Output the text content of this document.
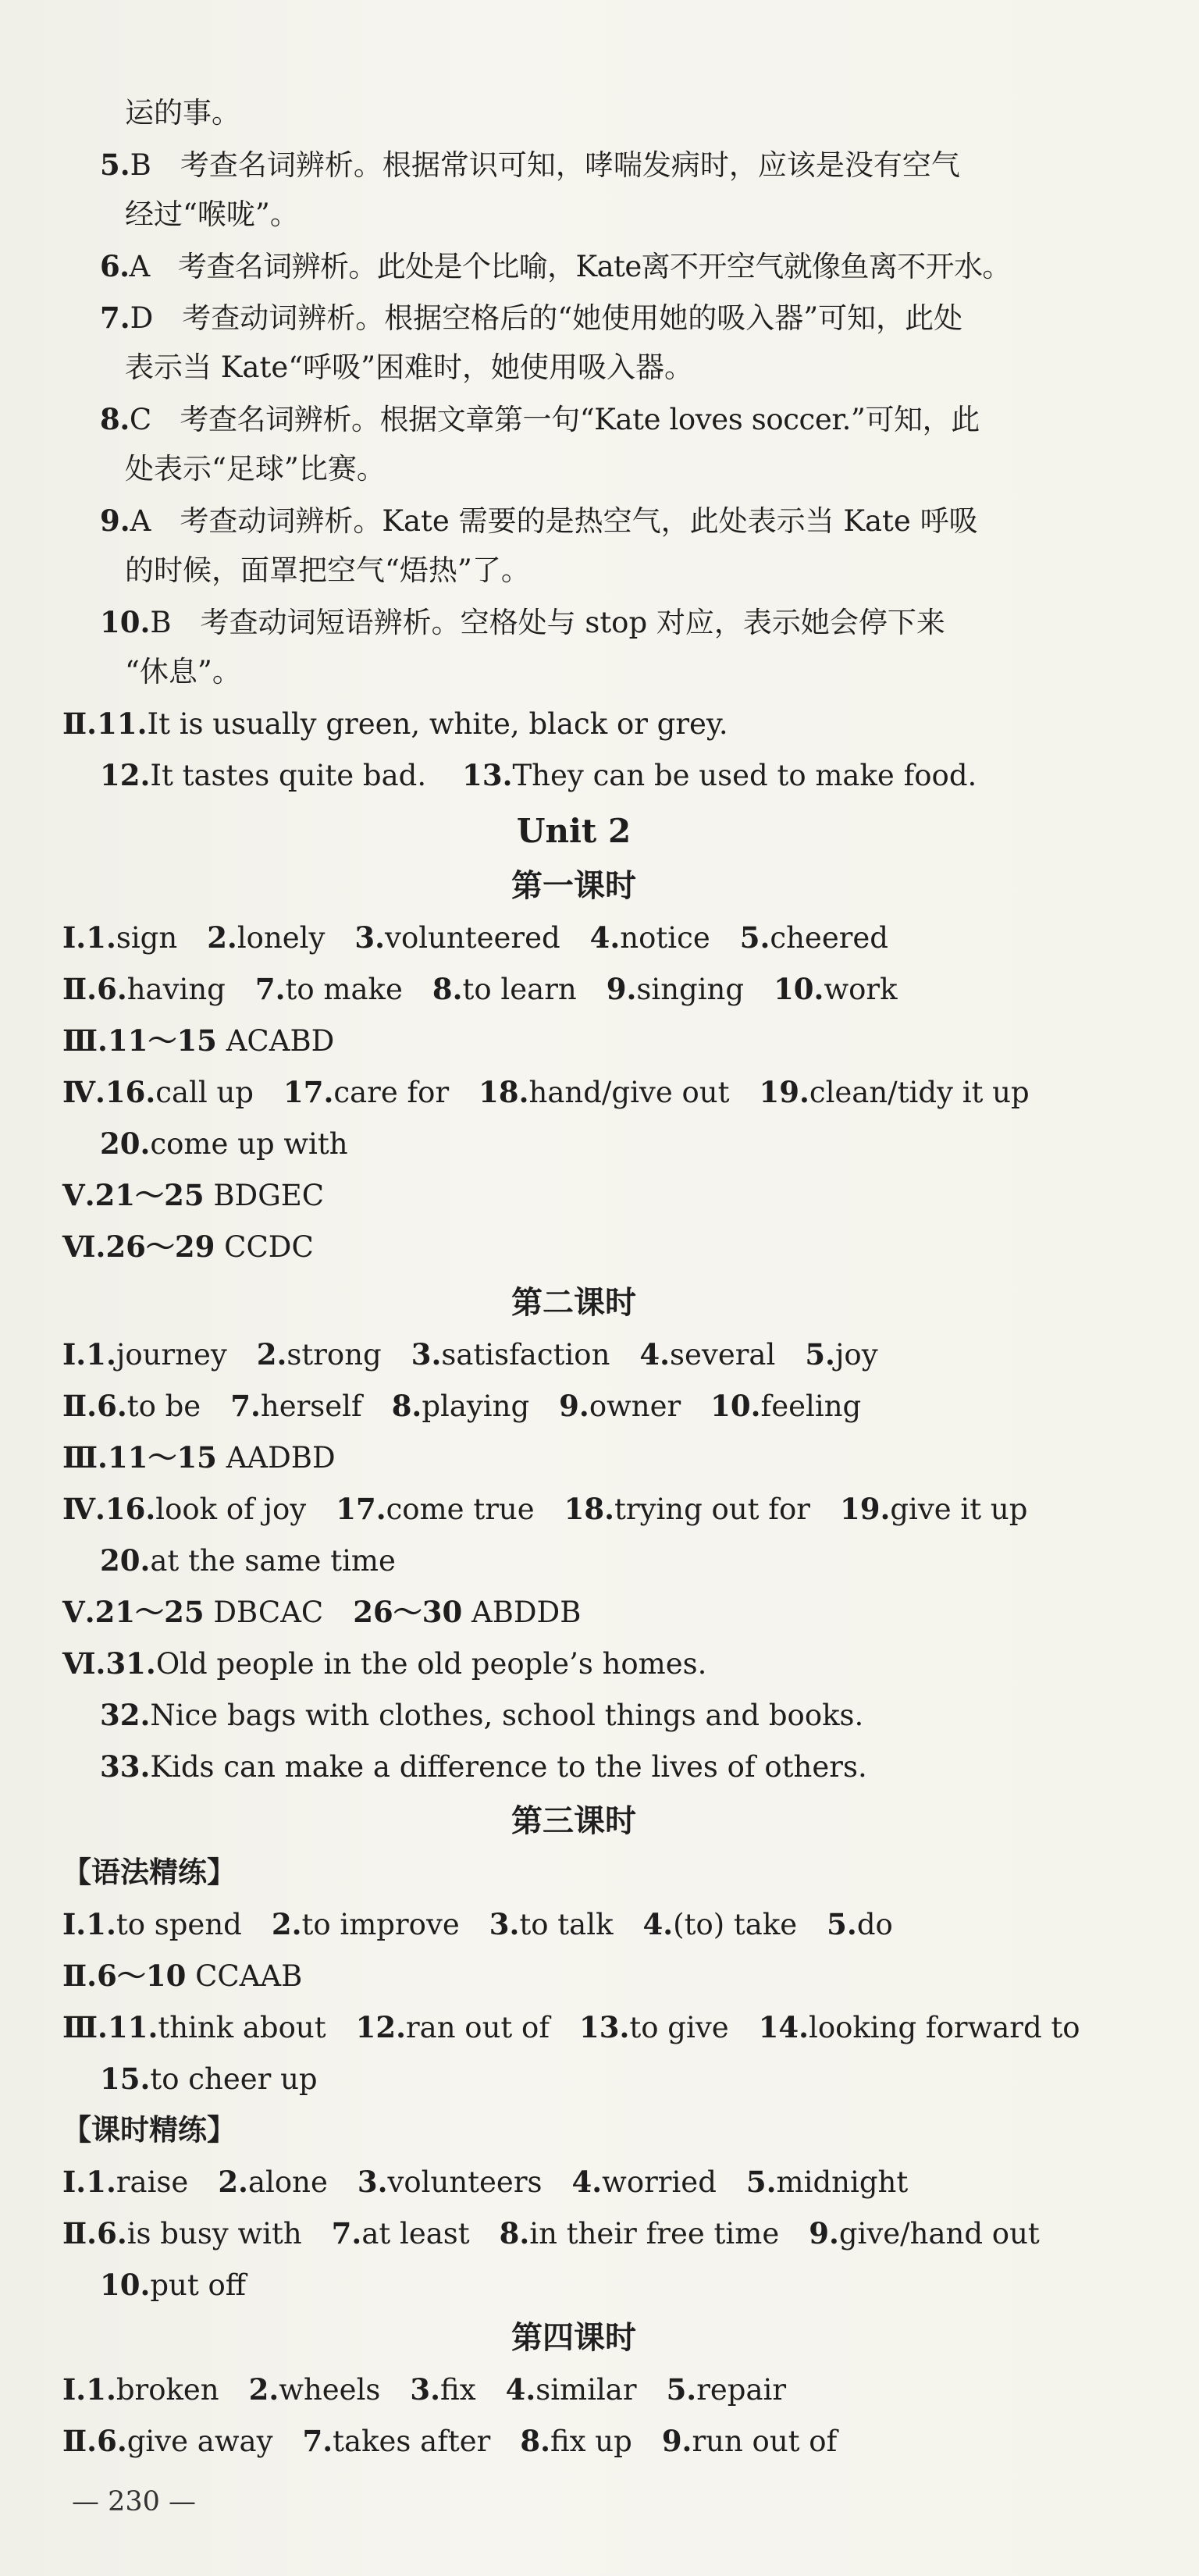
运的事。
5.B　考查名词辨析。根据常识可知，哮喘发病时，应该是没有空气
经过“喉咙”。
6.A　考查名词辨析。此处是个比喻，Kate离不开空气就像鱼离不开水。
7.D　考查动词辨析。根据空格后的“她使用她的吸入器”可知，此处
表示当 Kate“呼吸”困难时，她使用吸入器。
8.C　考查名词辨析。根据文章第一句“Kate loves soccer.”可知，此
处表示“足球”比赛。
9.A　考查动词辨析。Kate 需要的是热空气，此处表示当 Kate 呼吸
的时候，面罩把空气“焐热”了。
10.B　考查动词短语辨析。空格处与 stop 对应，表示她会停下来
“休息”。
Ⅱ.11.It is usually green, white, black or grey.
12.It tastes quite bad. 13.They can be used to make food.
Unit 2
第一课时
Ⅰ.1.sign 2.lonely 3.volunteered 4.notice 5.cheered
Ⅱ.6.having 7.to make 8.to learn 9.singing 10.work
Ⅲ.11～15 ACABD
Ⅳ.16.call up 17.care for 18.hand/give out 19.clean/tidy it up
20.come up with
Ⅴ.21～25 BDGEC
Ⅵ.26～29 CCDC
第二课时
Ⅰ.1.journey 2.strong 3.satisfaction 4.several 5.joy
Ⅱ.6.to be 7.herself 8.playing 9.owner 10.feeling
Ⅲ.11～15 AADBD
Ⅳ.16.look of joy 17.come true 18.trying out for 19.give it up
20.at the same time
Ⅴ.21～25 DBCAC 26～30 ABDDB
Ⅵ.31.Old people in the old people’s homes.
32.Nice bags with clothes, school things and books.
33.Kids can make a difference to the lives of others.
第三课时
【语法精练】
Ⅰ.1.to spend 2.to improve 3.to talk 4.(to) take 5.do
Ⅱ.6～10 CCAAB
Ⅲ.11.think about 12.ran out of 13.to give 14.looking forward to
15.to cheer up
【课时精练】
Ⅰ.1.raise 2.alone 3.volunteers 4.worried 5.midnight
Ⅱ.6.is busy with 7.at least 8.in their free time 9.give/hand out
10.put off
第四课时
Ⅰ.1.broken 2.wheels 3.fix 4.similar 5.repair
Ⅱ.6.give away 7.takes after 8.fix up 9.run out of
— 230 —
